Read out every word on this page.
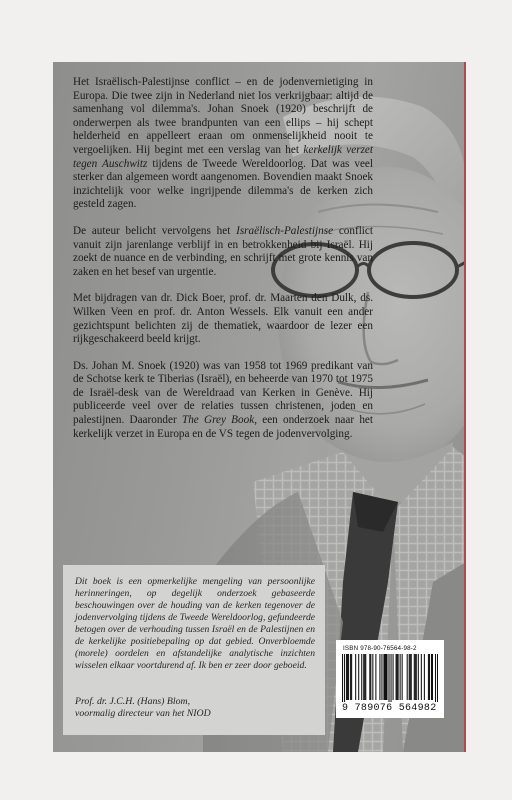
Het Israëlisch-Palestijnse conflict – en de jodenvernietiging in Europa. Die twee zijn in Nederland niet los verkrijgbaar: altijd de samenhang vol dilemma's. Johan Snoek (1920) beschrijft de onderwerpen als twee brandpunten van een ellips – hij schept helderheid en appelleert eraan om onmenselijkheid nooit te vergoelijken. Hij begint met een verslag van het kerkelijk verzet tegen Auschwitz tijdens de Tweede Wereldoorlog. Dat was veel sterker dan algemeen wordt aangenomen. Bovendien maakt Snoek inzichtelijk voor welke ingrijpende dilemma's de kerken zich gesteld zagen.

De auteur belicht vervolgens het Israëlisch-Palestijnse conflict vanuit zijn jarenlange verblijf in en betrokkenheid bij Israël. Hij zoekt de nuance en de verbinding, en schrijft met grote kennis van zaken en het besef van urgentie.

Met bijdragen van dr. Dick Boer, prof. dr. Maarten den Dulk, ds. Wilken Veen en prof. dr. Anton Wessels. Elk vanuit een ander gezichtspunt belichten zij de thematiek, waardoor de lezer een rijkgeschakeerd beeld krijgt.

Ds. Johan M. Snoek (1920) was van 1958 tot 1969 predikant van de Schotse kerk te Tiberias (Israël), en beheerde van 1970 tot 1975 de Israël-desk van de Wereldraad van Kerken in Genève. Hij publiceerde veel over de relaties tussen christenen, joden en palestijnen. Daaronder The Grey Book, een onderzoek naar het kerkelijk verzet in Europa en de VS tegen de jodenvervolging.

Dit boek is een opmerkelijke mengeling van persoonlijke herinneringen, op degelijk onderzoek gebaseerde beschouwingen over de houding van de kerken tegenover de jodenvervolging tijdens de Tweede Wereldoorlog, gefundeerde betogen over de verhouding tussen Israël en de Palestijnen en de kerkelijke positiebepaling op dat gebied. Onverbloemde (morele) oordelen en afstandelijke analytische inzichten wisselen elkaar voortdurend af. Ik ben er zeer door geboeid.
Prof. dr. J.C.H. (Hans) Blom,
voormalig directeur van het NIOD
ISBN 978-90-76564-98-2
9 789076 564982
